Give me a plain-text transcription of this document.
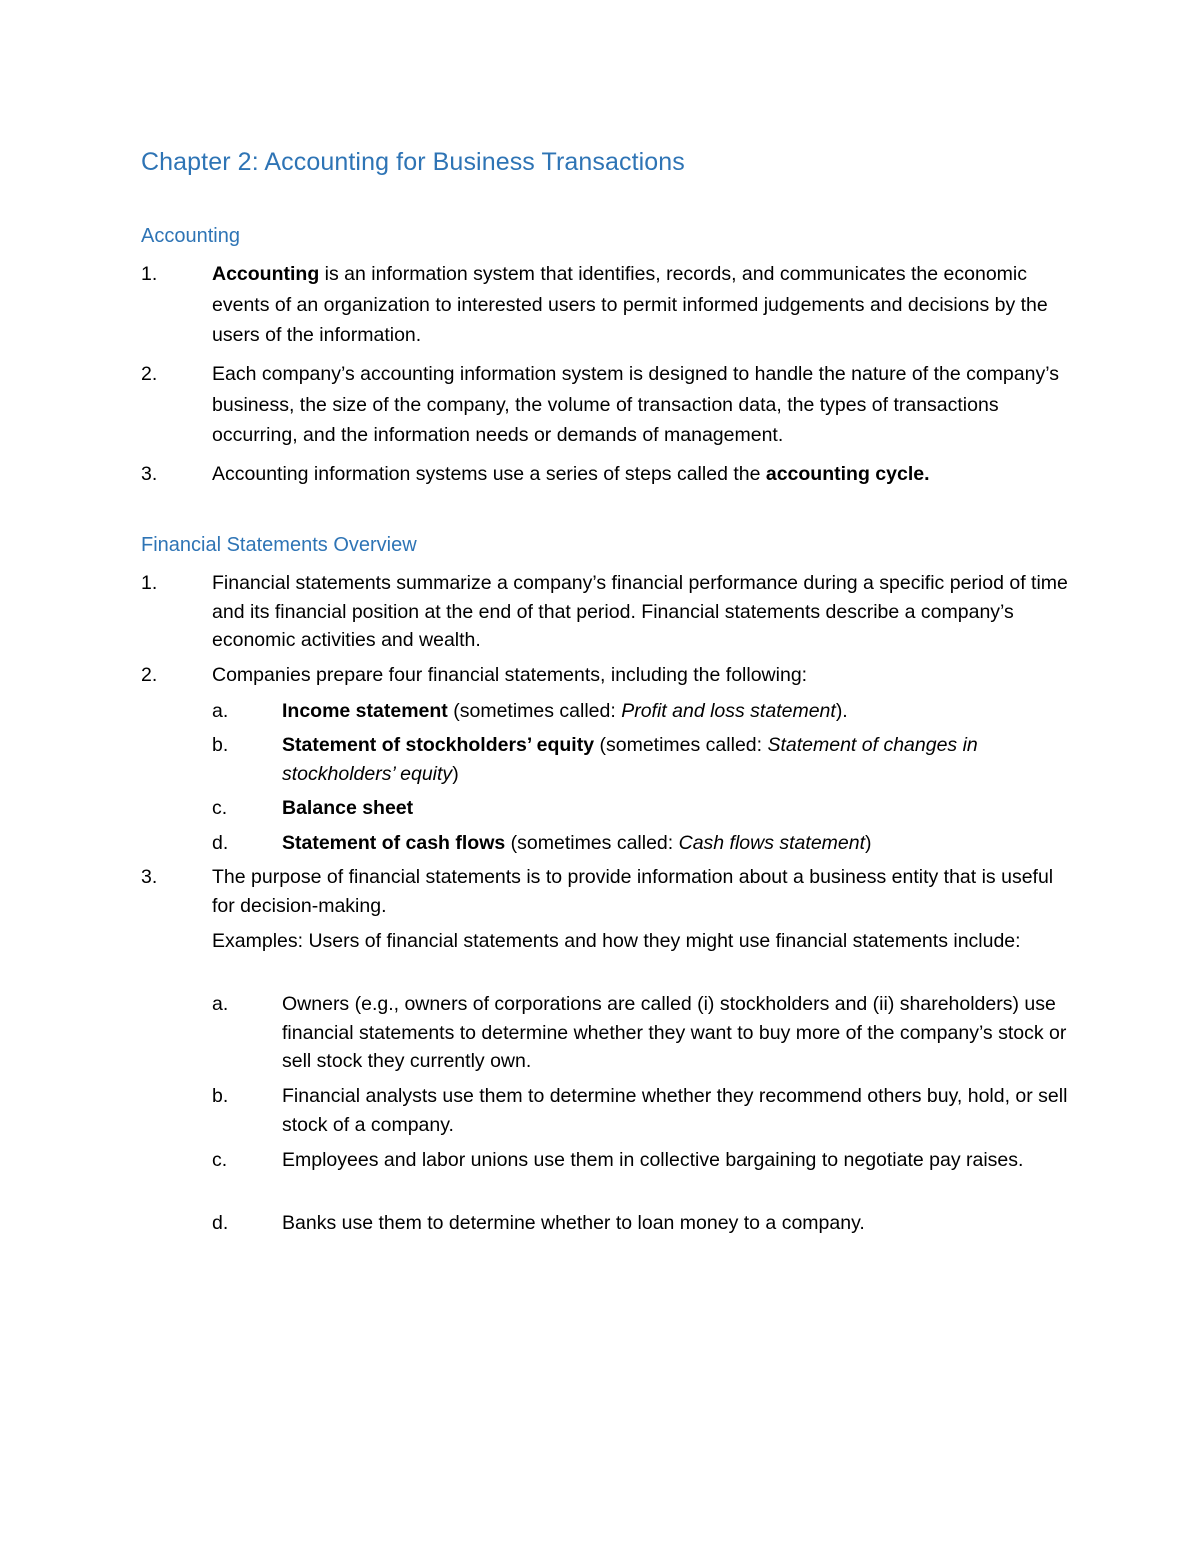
Chapter 2: Accounting for Business Transactions
Accounting
1.	Accounting is an information system that identifies, records, and communicates the economic events of an organization to interested users to permit informed judgements and decisions by the users of the information.
2.	Each company’s accounting information system is designed to handle the nature of the company’s business, the size of the company, the volume of transaction data, the types of transactions occurring, and the information needs or demands of management.
3.	Accounting information systems use a series of steps called the accounting cycle.
Financial Statements Overview
1.	Financial statements summarize a company’s financial performance during a specific period of time and its financial position at the end of that period. Financial statements describe a company’s economic activities and wealth.
2.	Companies prepare four financial statements, including the following:
a.	Income statement (sometimes called: Profit and loss statement).
b.	Statement of stockholders’ equity (sometimes called: Statement of changes in stockholders’ equity)
c.	Balance sheet
d.	Statement of cash flows (sometimes called: Cash flows statement)
3.	The purpose of financial statements is to provide information about a business entity that is useful for decision-making.
Examples: Users of financial statements and how they might use financial statements include:
a.	Owners (e.g., owners of corporations are called (i) stockholders and (ii) shareholders) use financial statements to determine whether they want to buy more of the company’s stock or sell stock they currently own.
b.	Financial analysts use them to determine whether they recommend others buy, hold, or sell stock of a company.
c.	Employees and labor unions use them in collective bargaining to negotiate pay raises.
d.	Banks use them to determine whether to loan money to a company.
